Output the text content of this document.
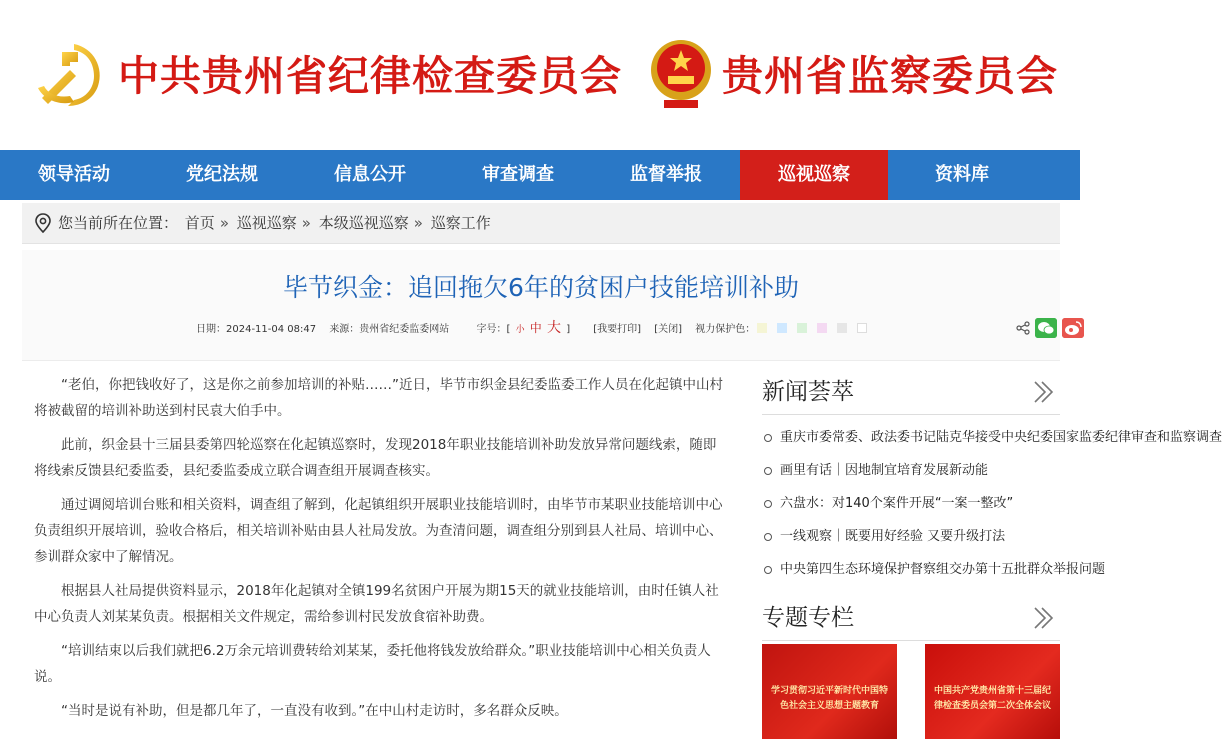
中共贵州省纪律检查委员会 贵州省监察委员会
领导活动	党纪法规	信息公开	审查调查	监督举报	巡视巡察	资料库
您当前所在位置： 首页 » 巡视巡察 » 本级巡视巡察 » 巡察工作
毕节织金：追回拖欠6年的贫困户技能培训补助
日期：2024-11-04 08:47 来源：贵州省纪委监委网站	字号：[ 小 中 大 ] [我要打印] [关闭] 视力保护色：

“老伯，你把钱收好了，这是你之前参加培训的补贴……”近日，毕节市织金县纪委监委工作人员在化起镇中山村将被截留的培训补助送到村民袁大伯手中。

此前，织金县十三届县委第四轮巡察在化起镇巡察时，发现2018年职业技能培训补助发放异常问题线索，随即将线索反馈县纪委监委，县纪委监委成立联合调查组开展调查核实。

通过调阅培训台账和相关资料，调查组了解到，化起镇组织开展职业技能培训时，由毕节市某职业技能培训中心负责组织开展培训，验收合格后，相关培训补贴由县人社局发放。为查清问题，调查组分别到县人社局、培训中心、参训群众家中了解情况。

根据县人社局提供资料显示，2018年化起镇对全镇199名贫困户开展为期15天的就业技能培训，由时任镇人社中心负责人刘某某负责。根据相关文件规定，需给参训村民发放食宿补助费。

“培训结束以后我们就把6.2万余元培训费转给刘某某，委托他将钱发放给群众。”职业技能培训中心相关负责人说。

“当时是说有补助，但是都几年了，一直没有收到。”在中山村走访时，多名群众反映。

新闻荟萃
重庆市委常委、政法委书记陆克华接受中央纪委国家监委纪律审查和监察调查
画里有话｜因地制宜培育发展新动能
六盘水：对140个案件开展“一案一整改”
一线观察｜既要用好经验 又要升级打法
中央第四生态环境保护督察组交办第十五批群众举报问题
专题专栏
学习贯彻习近平新时代中国特色社会主义思想主题教育
中国共产党贵州省第十三届纪律检查委员会第二次全体会议
